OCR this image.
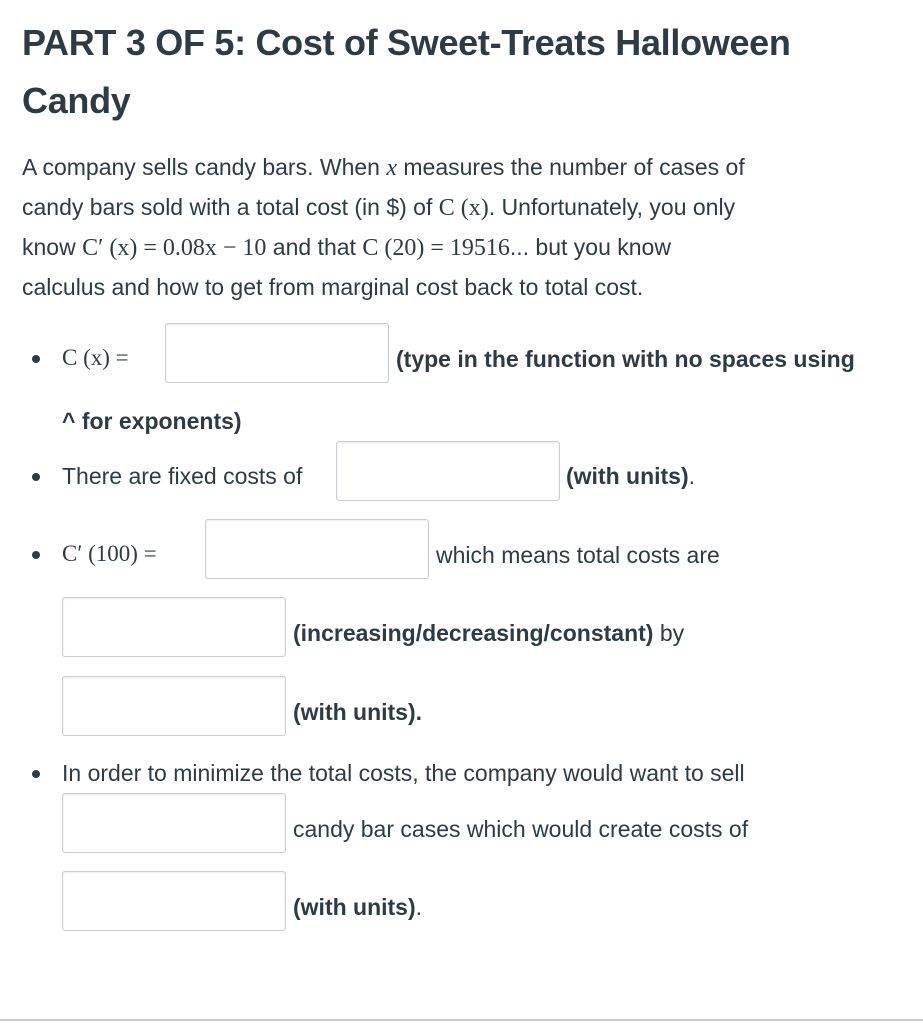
PART 3 OF 5: Cost of Sweet-Treats Halloween Candy
A company sells candy bars. When x measures the number of cases of
candy bars sold with a total cost (in $) of C (x). Unfortunately, you only
know C′ (x) = 0.08x − 10 and that C (20) = 19516... but you know
calculus and how to get from marginal cost back to total cost.
C (x) =	(type in the function with no spaces using
^ for exponents)
There are fixed costs of	(with units).
C′ (100) =	which means total costs are
(increasing/decreasing/constant) by
(with units).
In order to minimize the total costs, the company would want to sell
candy bar cases which would create costs of
(with units).
